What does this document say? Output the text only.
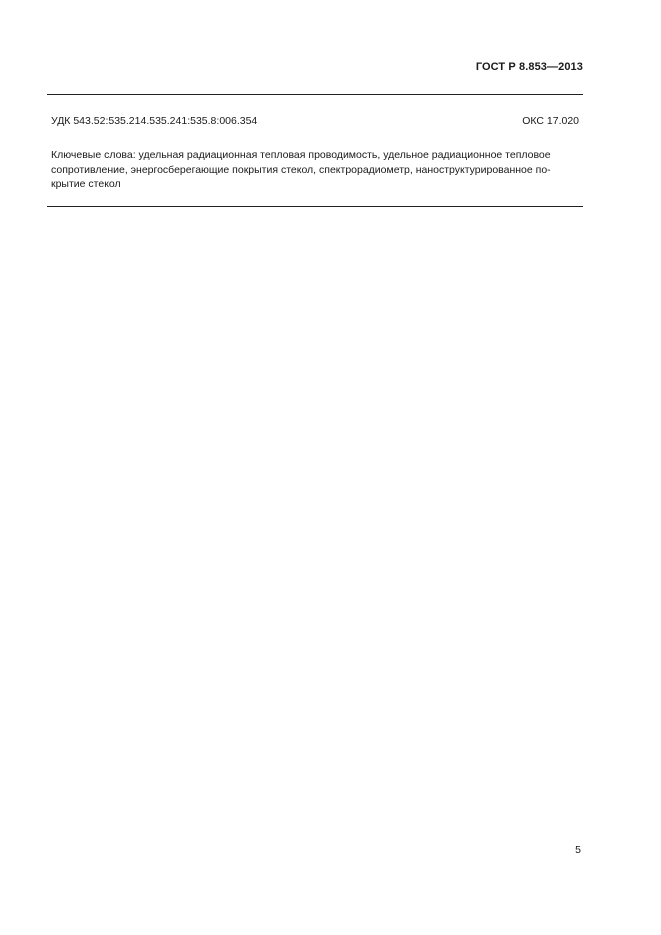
ГОСТ Р 8.853—2013
УДК 543.52:535.214.535.241:535.8:006.354	ОКС 17.020
Ключевые слова: удельная радиационная тепловая проводимость, удельное радиационное тепловое
сопротивление, энергосберегающие покрытия стекол, спектрорадиометр, наноструктурированное по-
крытие стекол
5
